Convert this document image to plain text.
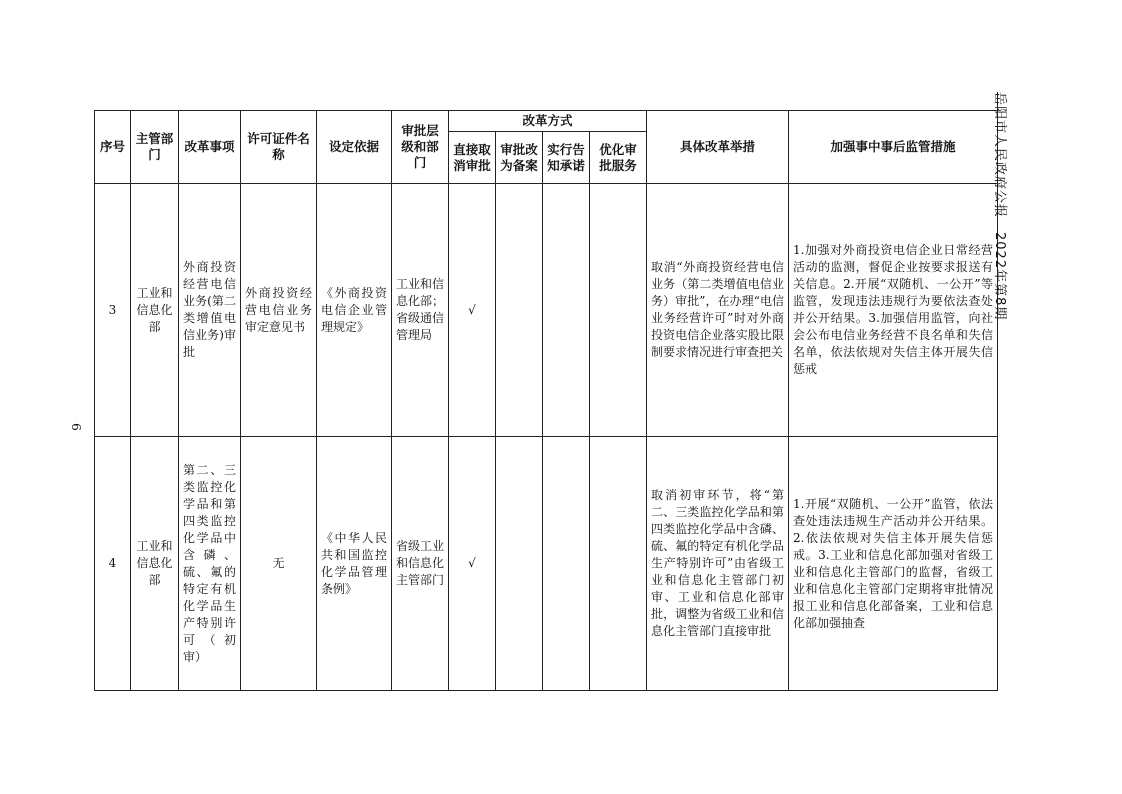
序号	主管部门	改革事项	许可证件名称	设定依据	审批层级和部门	改革方式				具体改革举措	加强事中事后监管措施
						直接取消审批	审批改为备案	实行告知承诺	优化审批服务		
3	工业和信息化部	外商投资经营电信业务(第二类增值电信业务)审批	外商投资经营电信业务审定意见书	《外商投资电信企业管理规定》	工业和信息化部；省级通信管理局	√				取消“外商投资经营电信业务（第二类增值电信业务）审批”，在办理“电信业务经营许可”时对外商投资电信企业落实股比限制要求情况进行审查把关	1.加强对外商投资电信企业日常经营活动的监测，督促企业按要求报送有关信息。2.开展“双随机、一公开”等监管，发现违法违规行为要依法查处并公开结果。3.加强信用监管，向社会公布电信业务经营不良名单和失信名单，依法依规对失信主体开展失信惩戒
4	工业和信息化部	第二、三类监控化学品和第四类监控化学品中含磷、硫、氟的特定有机化学品生产特别许可（初审）	无	《中华人民共和国监控化学品管理条例》	省级工业和信息化主管部门	√				取消初审环节，将“第二、三类监控化学品和第四类监控化学品中含磷、硫、氟的特定有机化学品生产特别许可”由省级工业和信息化主管部门初审、工业和信息化部审批，调整为省级工业和信息化主管部门直接审批	1.开展“双随机、一公开”监管，依法查处违法违规生产活动并公开结果。2.依法依规对失信主体开展失信惩戒。3.工业和信息化部加强对省级工业和信息化主管部门的监督，省级工业和信息化主管部门定期将审批情况报工业和信息化部备案，工业和信息化部加强抽查
岳阳市人民政府公报　2022年第8期
6
